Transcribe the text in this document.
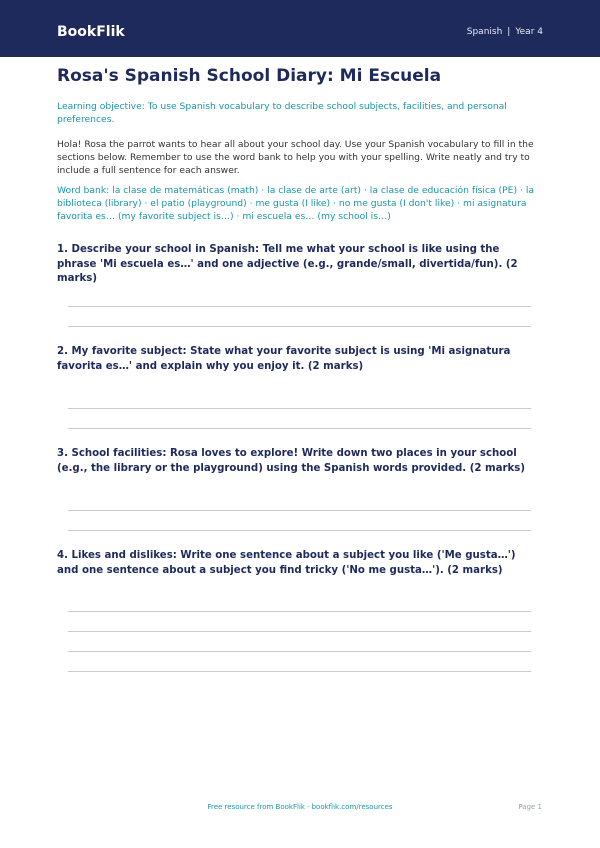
BookFlik	Spanish | Year 4
Rosa's Spanish School Diary: Mi Escuela
Learning objective: To use Spanish vocabulary to describe school subjects, facilities, and personal preferences.
Hola! Rosa the parrot wants to hear all about your school day. Use your Spanish vocabulary to fill in the sections below. Remember to use the word bank to help you with your spelling. Write neatly and try to include a full sentence for each answer.
Word bank: la clase de matemáticas (math) · la clase de arte (art) · la clase de educación física (PE) · la biblioteca (library) · el patio (playground) · me gusta (I like) · no me gusta (I don't like) · mi asignatura favorita es… (my favorite subject is…) · mi escuela es… (my school is…)
1. Describe your school in Spanish: Tell me what your school is like using the phrase 'Mi escuela es…' and one adjective (e.g., grande/small, divertida/fun). (2 marks)
2. My favorite subject: State what your favorite subject is using 'Mi asignatura favorita es…' and explain why you enjoy it. (2 marks)
3. School facilities: Rosa loves to explore! Write down two places in your school (e.g., the library or the playground) using the Spanish words provided. (2 marks)
4. Likes and dislikes: Write one sentence about a subject you like ('Me gusta…') and one sentence about a subject you find tricky ('No me gusta…'). (2 marks)
Free resource from BookFlik · bookflik.com/resources	Page 1
